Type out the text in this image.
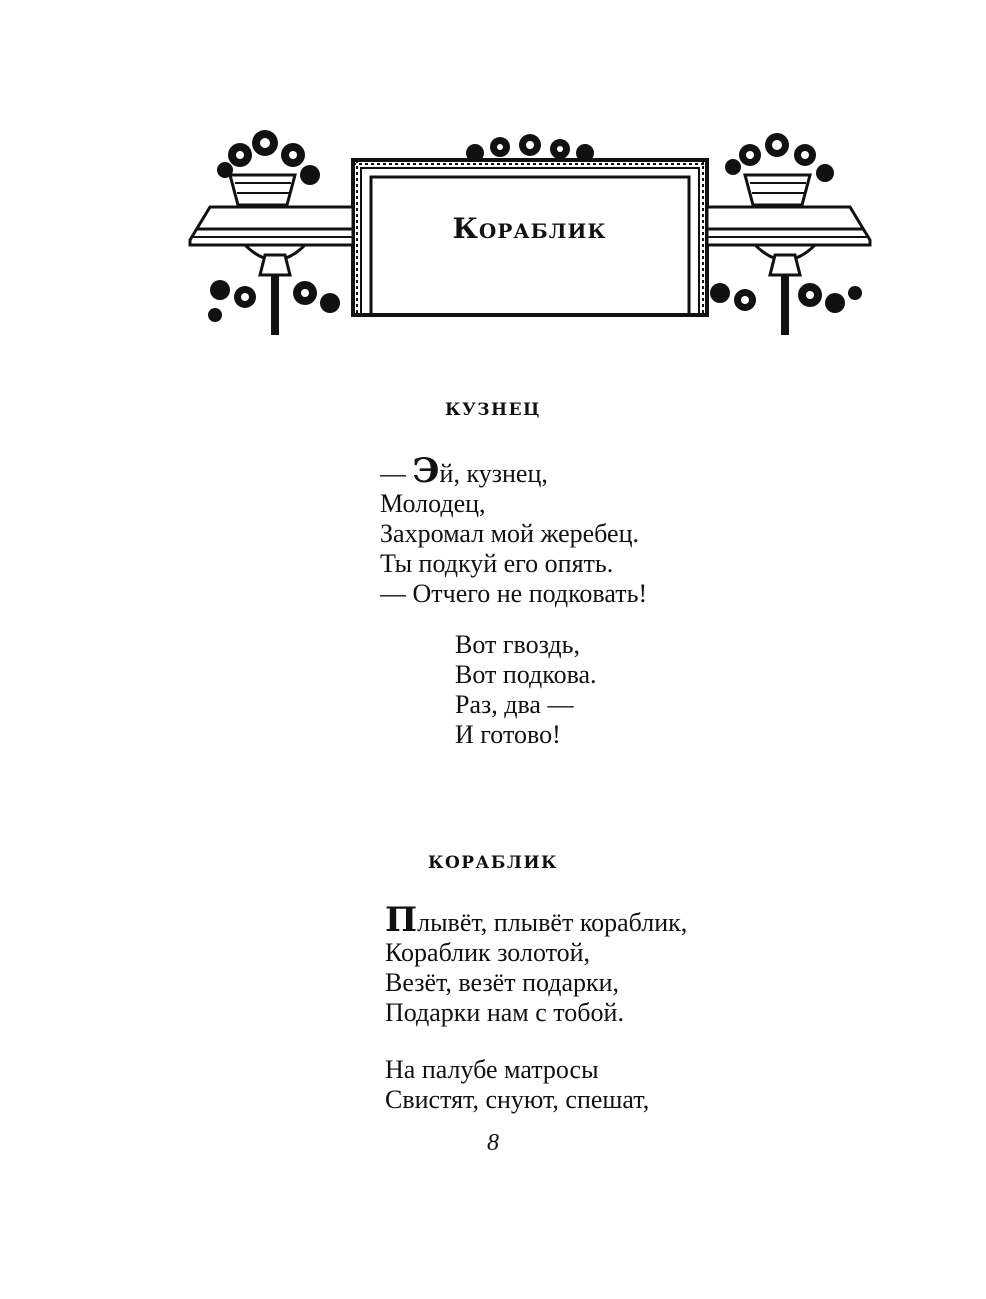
Кораблик
КУЗНЕЦ
— Эй, кузнец,
Молодец,
Захромал мой жеребец.
Ты подкуй его опять.
— Отчего не подковать!
Вот гвоздь,
Вот подкова.
Раз, два —
И готово!
КОРАБЛИК
Плывёт, плывёт кораблик,
Кораблик золотой,
Везёт, везёт подарки,
Подарки нам с тобой.
На палубе матросы
Свистят, снуют, спешат,
8
